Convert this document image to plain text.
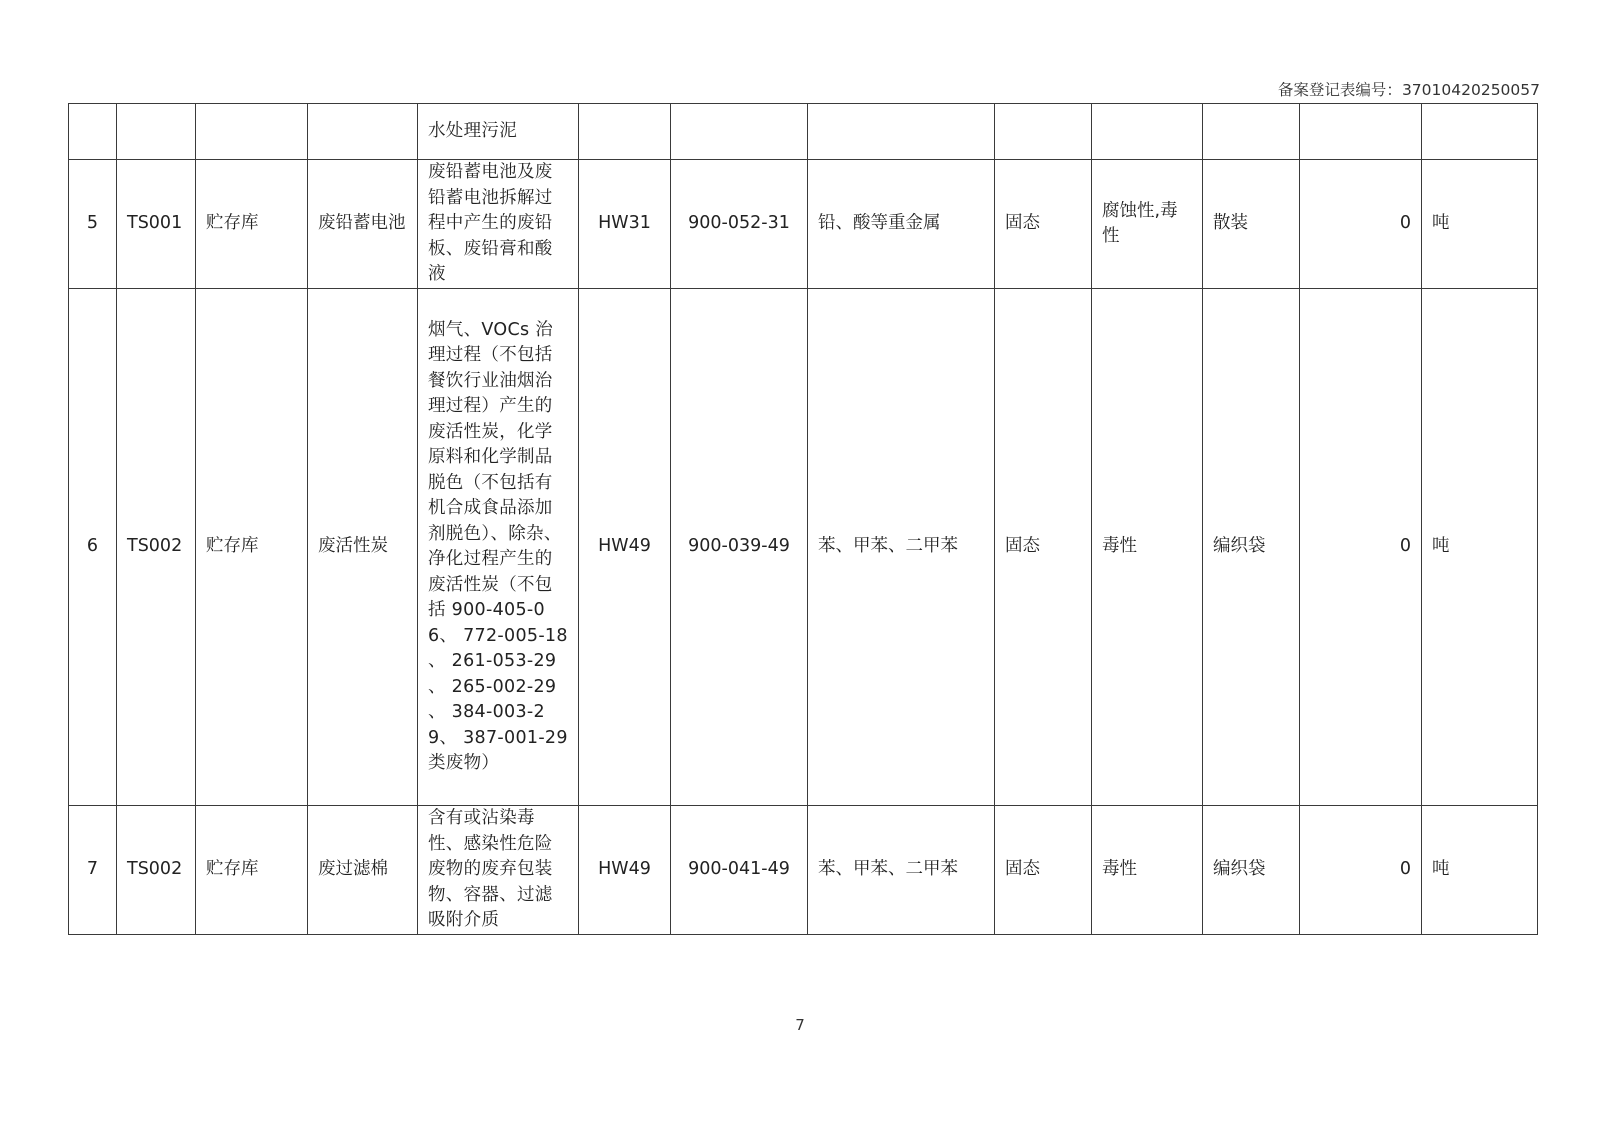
备案登记表编号：37010420250057
				水处理污泥								
5	TS001	贮存库	废铅蓄电池	废铅蓄电池及废铅蓄电池拆解过程中产生的废铅板、废铅膏和酸液	HW31	900-052-31	铅、酸等重金属	固态	腐蚀性,毒性	散装	0	吨
6	TS002	贮存库	废活性炭	烟气、VOCs 治理过程（不包括餐饮行业油烟治理过程）产生的废活性炭，化学原料和化学制品脱色（不包括有机合成食品添加剂脱色）、除杂、净化过程产生的废活性炭（不包括 900-405-06、 772-005-18 、 261-053-29 、 265-002-29 、 384-003-29、 387-001-29 类废物）	HW49	900-039-49	苯、甲苯、二甲苯	固态	毒性	编织袋	0	吨
7	TS002	贮存库	废过滤棉	含有或沾染毒性、感染性危险废物的废弃包装物、容器、过滤吸附介质	HW49	900-041-49	苯、甲苯、二甲苯	固态	毒性	编织袋	0	吨
7
